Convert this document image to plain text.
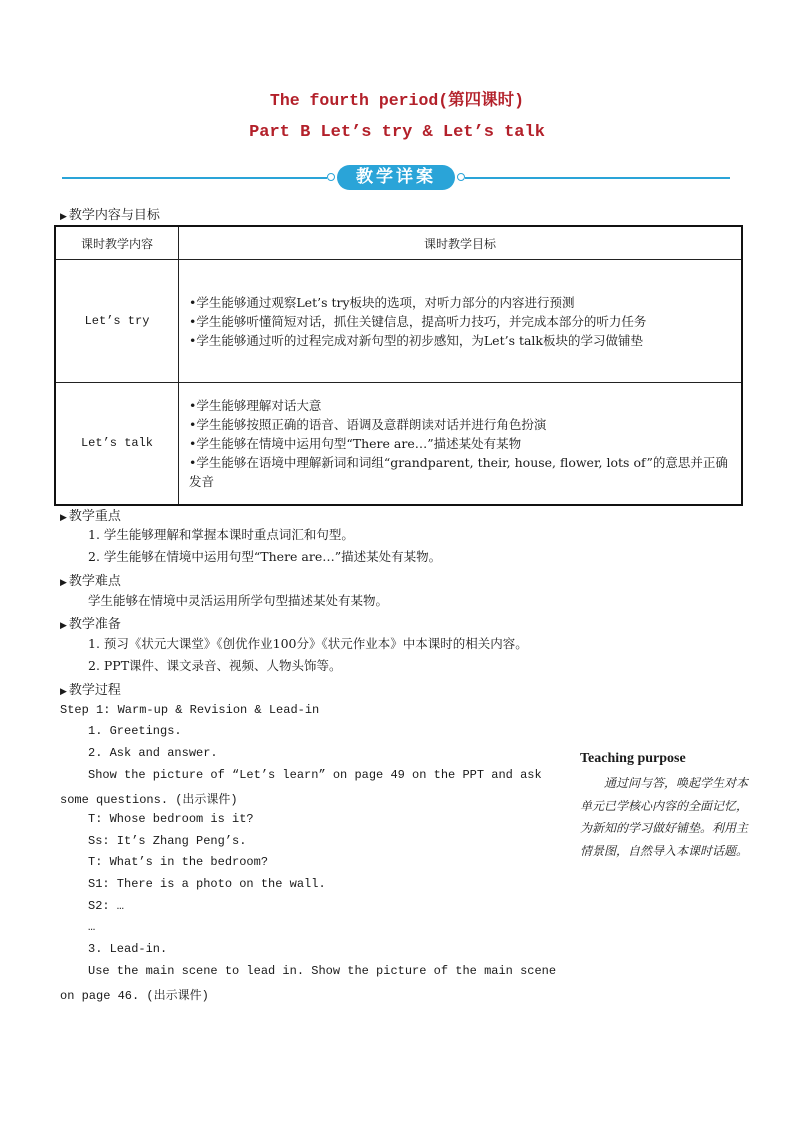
The fourth period(第四课时)
Part B Let’s try & Let’s talk
教学详案
▶ 教学内容与目标
课时教学内容	课时教学目标
Let’s try	•学生能够通过观察Let’s try板块的选项，对听力部分的内容进行预测
•学生能够听懂简短对话，抓住关键信息，提高听力技巧，并完成本部分的听力任务
•学生能够通过听的过程完成对新句型的初步感知，为Let’s talk板块的学习做铺垫

Let’s talk	•学生能够理解对话大意
•学生能够按照正确的语音、语调及意群朗读对话并进行角色扮演
•学生能够在情境中运用句型“There are…”描述某处有某物
•学生能够在语境中理解新词和词组“grandparent, their, house, flower, lots of”的意思并正确发音
▶ 教学重点
1. 学生能够理解和掌握本课时重点词汇和句型。
2. 学生能够在情境中运用句型“There are…”描述某处有某物。
▶ 教学难点
学生能够在情境中灵活运用所学句型描述某处有某物。
▶ 教学准备
1. 预习《状元大课堂》《创优作业100分》《状元作业本》中本课时的相关内容。
2. PPT课件、课文录音、视频、人物头饰等。
▶ 教学过程
Step 1: Warm-up & Revision & Lead-in
1. Greetings.
2. Ask and answer.
Show the picture of “Let’s learn” on page 49 on the PPT and ask
some questions. (出示课件)
T: Whose bedroom is it?
Ss: It’s Zhang Peng’s.
T: What’s in the bedroom?
S1: There is a photo on the wall.
S2: …
…
3. Lead-in.
Use the main scene to lead in. Show the picture of the main scene
on page 46. (出示课件)
Teaching purpose
通过问与答，唤起学生对本单元已学核心内容的全面记忆，为新知的学习做好铺垫。利用主情景图，自然导入本课时话题。
